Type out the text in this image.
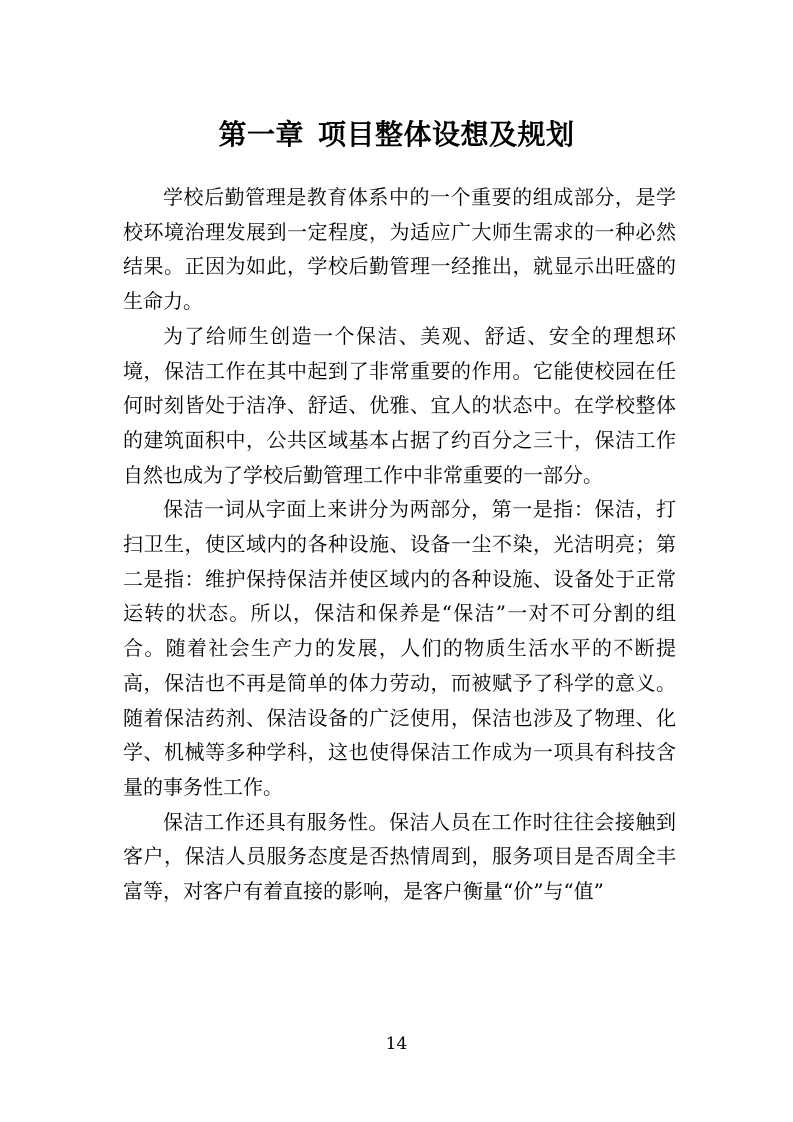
第一章 项目整体设想及规划

学校后勤管理是教育体系中的一个重要的组成部分，是学校环境治理发展到一定程度，为适应广大师生需求的一种必然结果。正因为如此，学校后勤管理一经推出，就显示出旺盛的生命力。

为了给师生创造一个保洁、美观、舒适、安全的理想环境，保洁工作在其中起到了非常重要的作用。它能使校园在任何时刻皆处于洁净、舒适、优雅、宜人的状态中。在学校整体的建筑面积中，公共区域基本占据了约百分之三十，保洁工作自然也成为了学校后勤管理工作中非常重要的一部分。

保洁一词从字面上来讲分为两部分，第一是指：保洁，打扫卫生，使区域内的各种设施、设备一尘不染，光洁明亮；第二是指：维护保持保洁并使区域内的各种设施、设备处于正常运转的状态。所以，保洁和保养是“保洁”一对不可分割的组合。随着社会生产力的发展，人们的物质生活水平的不断提高，保洁也不再是简单的体力劳动，而被赋予了科学的意义。随着保洁药剂、保洁设备的广泛使用，保洁也涉及了物理、化学、机械等多种学科，这也使得保洁工作成为一项具有科技含量的事务性工作。

保洁工作还具有服务性。保洁人员在工作时往往会接触到客户，保洁人员服务态度是否热情周到，服务项目是否周全丰富等，对客户有着直接的影响，是客户衡量“价”与“值”

14
